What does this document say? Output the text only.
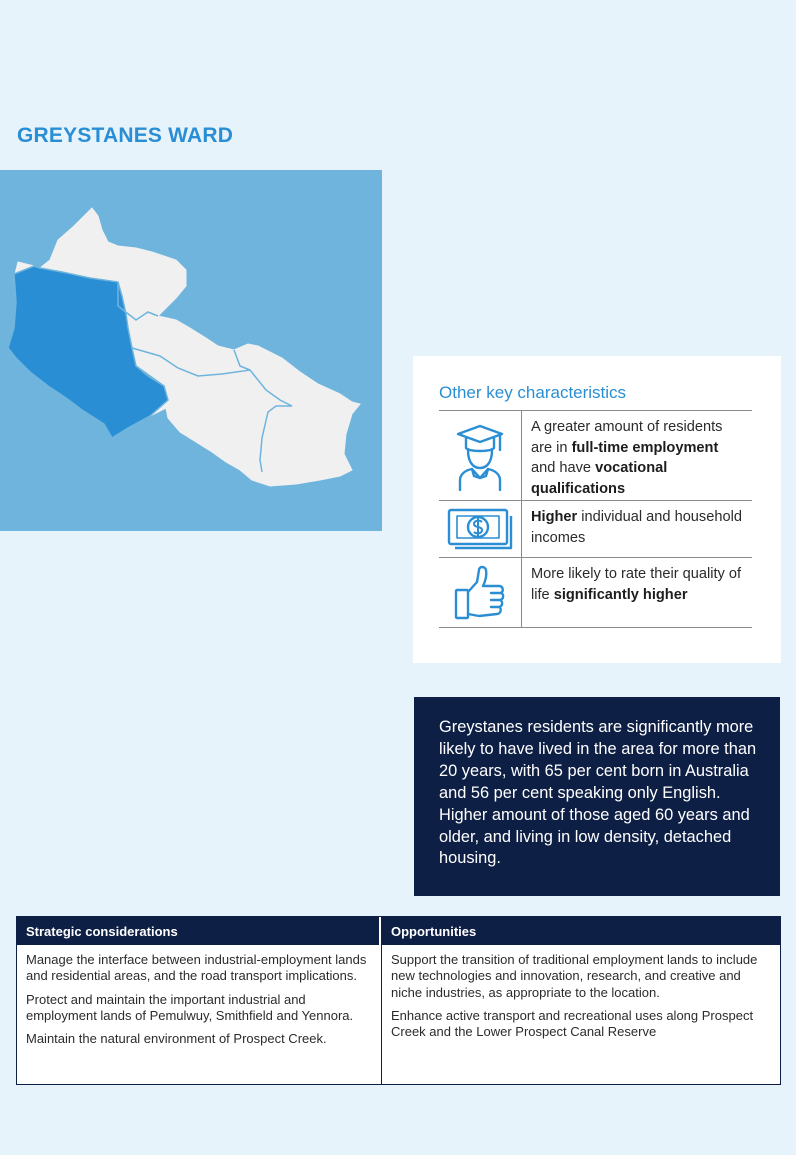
GREYSTANES WARD
Other key characteristics
A greater amount of residents are in full-time employment and have vocational qualifications
Higher individual and household incomes
More likely to rate their quality of life significantly higher
Greystanes residents are significantly more likely to have lived in the area for more than 20 years, with 65 per cent born in Australia and 56 per cent speaking only English. Higher amount of those aged 60 years and older, and living in low density, detached housing.
Strategic considerations

Manage the interface between industrial-employment lands and residential areas, and the road transport implications.

Protect and maintain the important industrial and employment lands of Pemulwuy, Smithfield and Yennora.

Maintain the natural environment of Prospect Creek.

Opportunities

Support the transition of traditional employment lands to include new technologies and innovation, research, and creative and niche industries, as appropriate to the location.

Enhance active transport and recreational uses along Prospect Creek and the Lower Prospect Canal Reserve
